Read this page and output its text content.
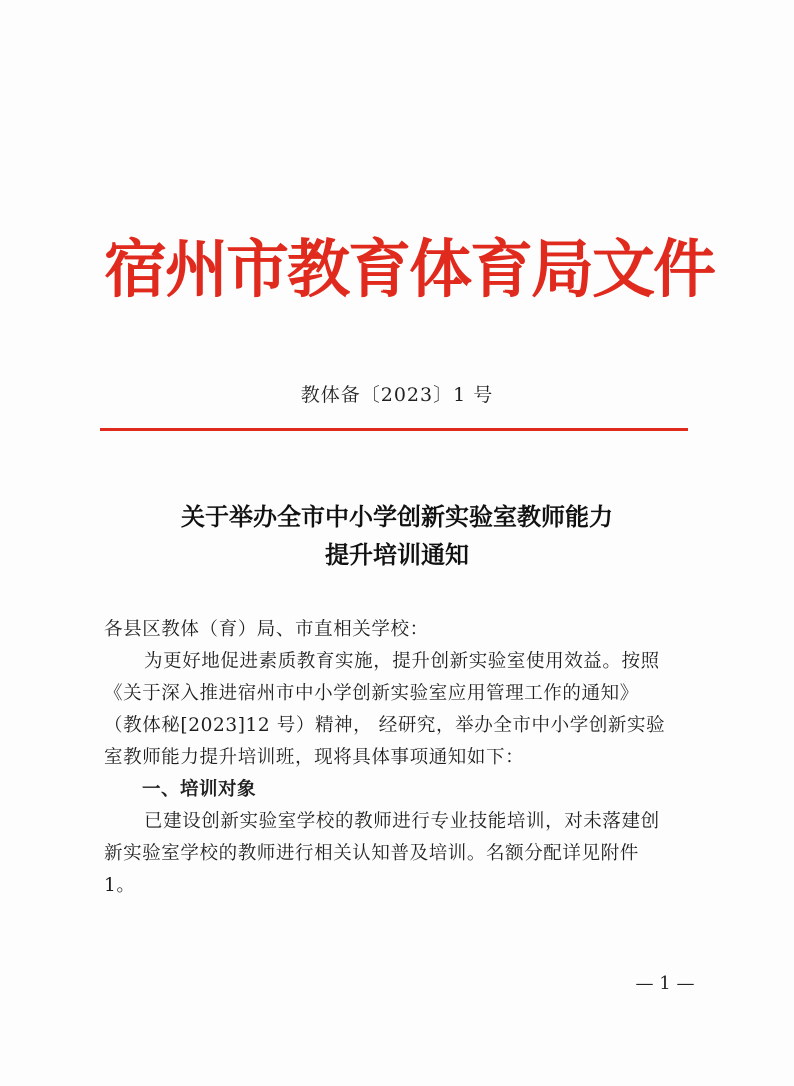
宿州市教育体育局文件
教体备〔2023〕1 号
关于举办全市中小学创新实验室教师能力
提升培训通知
各县区教体（育）局、市直相关学校：
为更好地促进素质教育实施，提升创新实验室使用效益。按照
《关于深入推进宿州市中小学创新实验室应用管理工作的通知》
（教体秘[2023]12 号）精神， 经研究，举办全市中小学创新实验
室教师能力提升培训班，现将具体事项通知如下：
一、培训对象
已建设创新实验室学校的教师进行专业技能培训，对未落建创
新实验室学校的教师进行相关认知普及培训。名额分配详见附件
1。
— 1 —
